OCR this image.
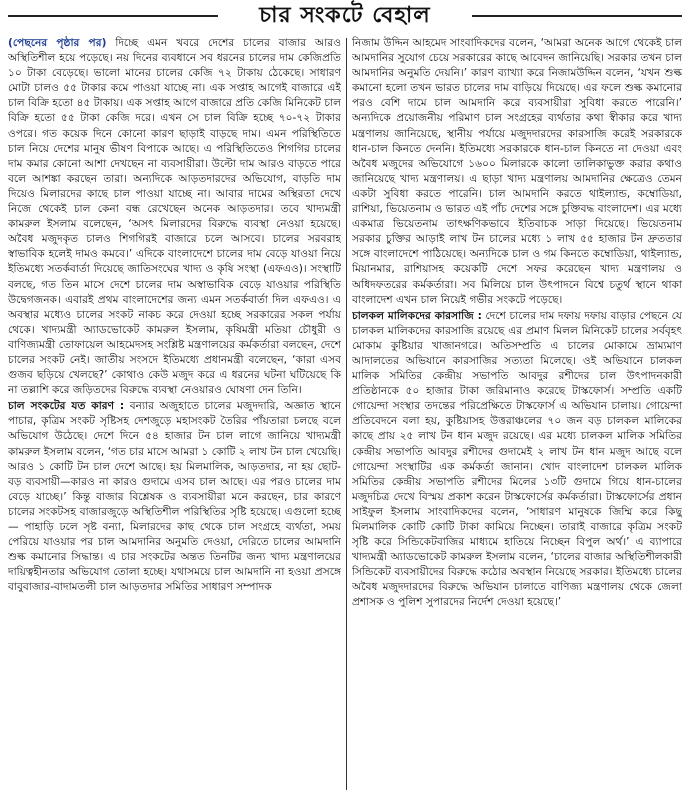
চার সংকটে বেহাল

(পেছনের পৃষ্ঠার পর) দিচ্ছে এমন খবরে দেশের চালের বাজার আরও অস্থিতিশীল হয়ে পড়েছে। নয় দিনের ব্যবধানে সব ধরনের চালের দাম কেজিপ্রতি ১০ টাকা বেড়েছে। ভালো মানের চালের কেজি ৭২ টাকায় ঠেকেছে। সাধারণ মোটা চালও ৫৫ টাকার কমে পাওয়া যাচ্ছে না। এক সপ্তাহ আগেই বাজারে এই চাল বিক্রি হতো ৪৫ টাকায়। এক সপ্তাহ আগে বাজারে প্রতি কেজি মিনিকেট চাল বিক্রি হতো ৫৫ টাকা কেজি দরে। এখন সে চাল বিক্রি হচ্ছে ৭০-৭২ টাকার ওপরে। গত কয়েক দিনে কোনো কারণ ছাড়াই বাড়ছে দাম। এমন পরিস্থিতিতে চাল নিয়ে দেশের মানুষ ভীষণ বিপাকে আছে। এ পরিস্থিতিতেও শিগগির চালের দাম কমার কোনো আশা দেখছেন না ব্যবসায়ীরা। উল্টো দাম আরও বাড়তে পারে বলে আশঙ্কা করছেন তারা। অন্যদিকে আড়তদারদের অভিযোগ, বাড়তি দাম দিয়েও মিলারদের কাছে চাল পাওয়া যাচ্ছে না। আবার দামের অস্থিরতা দেখে নিজে থেকেই চাল কেনা বন্ধ রেখেছেন অনেক আড়তদার। তবে খাদ্যমন্ত্রী কামরুল ইসলাম বলেছেন, ‘অসৎ মিলারদের বিরুদ্ধে ব্যবস্থা নেওয়া হয়েছে। অবৈধ মজুদকৃত চালও শিগগিরই বাজারে চলে আসবে। চালের সরবরাহ স্বাভাবিক হলেই দামও কমবে।’ এদিকে বাংলাদেশে চালের দাম বেড়ে যাওয়া নিয়ে ইতিমধ্যে সতর্কবার্তা দিয়েছে জাতিসংঘের খাদ্য ও কৃষি সংস্থা (এফএও)। সংস্থাটি বলছে, গত তিন মাসে দেশে চালের দাম অস্বাভাবিক বেড়ে যাওয়ার পরিস্থিতি উদ্বেগজনক। এবারই প্রথম বাংলাদেশের জন্য এমন সতর্কবার্তা দিল এফএও। এ অবস্থার মধ্যেও চালের সংকট নাকচ করে দেওয়া হচ্ছে সরকারের সকল পর্যায় থেকে। খাদ্যমন্ত্রী অ্যাডভোকেট কামরুল ইসলাম, কৃষিমন্ত্রী মতিয়া চৌধুরী ও বাণিজ্যমন্ত্রী তোফায়েল আহমেদসহ সংশ্লিষ্ট মন্ত্রণালয়ের কর্মকর্তারা বলছেন, দেশে চালের সংকট নেই। জাতীয় সংসদে ইতিমধ্যে প্রধানমন্ত্রী বলেছেন, ‘কারা এসব গুজব ছড়িয়ে খেলছে?’ কোথাও কেউ মজুদ করে এ ধরনের ঘটনা ঘটিয়েছে কি না তল্লাশি করে জড়িতদের বিরুদ্ধে ব্যবস্থা নেওয়ারও ঘোষণা দেন তিনি।

চাল সংকটের যত কারণ : বন্যার অজুহাতে চালের মজুদদারি, অজ্ঞাত স্থানে পাচার, কৃত্রিম সংকট সৃষ্টিসহ দেশজুড়ে মহাসংকট তৈরির পাঁয়তারা চলছে বলে অভিযোগ উঠেছে। দেশে দিনে ৫৪ হাজার টন চাল লাগে জানিয়ে খাদ্যমন্ত্রী কামরুল ইসলাম বলেন, ‘গত চার মাসে আমরা ১ কোটি ২ লাখ টন চাল খেয়েছি। আরও ১ কোটি টন চাল দেশে আছে। হয় মিলমালিক, আড়তদার, না হয় ছোট-বড় ব্যবসায়ী—কারও না কারও গুদামে এসব চাল আছে। এর পরও চালের দাম বেড়ে যাচ্ছে।’ কিন্তু বাজার বিশ্লেষক ও ব্যবসায়ীরা মনে করছেন, চার কারণে চালের সংকটসহ বাজারজুড়ে অস্থিতিশীল পরিস্থিতির সৃষ্টি হয়েছে। এগুলো হচ্ছে— পাহাড়ি ঢলে সৃষ্ট বন্যা, মিলারদের কাছ থেকে চাল সংগ্রহে ব্যর্থতা, সময় পেরিয়ে যাওয়ার পর চাল আমদানির অনুমতি দেওয়া, দেরিতে চালের আমদানি শুল্ক কমানোর সিদ্ধান্ত। এ চার সংকটের অন্তত তিনটির জন্য খাদ্য মন্ত্রণালয়ের দায়িত্বহীনতার অভিযোগ তোলা হচ্ছে। যথাসময়ে চাল আমদানি না হওয়া প্রসঙ্গে বাবুবাজার-বাদামতলী চাল আড়তদার সমিতির সাধারণ সম্পাদক

নিজাম উদ্দিন আহমেদ সাংবাদিকদের বলেন, ‘আমরা অনেক আগে থেকেই চাল আমদানির সুযোগ চেয়ে সরকারের কাছে আবেদন জানিয়েছি। সরকার তখন চাল আমদানির অনুমতি দেয়নি।’ কারণ ব্যাখ্যা করে নিজামউদ্দিন বলেন, ‘যখন শুল্ক কমানো হলো তখন ভারত চালের দাম বাড়িয়ে দিয়েছে। এর ফলে শুল্ক কমানোর পরও বেশি দামে চাল আমদানি করে ব্যবসায়ীরা সুবিধা করতে পারেনি।’ অন্যদিকে প্রয়োজনীয় পরিমাণ চাল সংগ্রহের ব্যর্থতার কথা স্বীকার করে খাদ্য মন্ত্রণালয় জানিয়েছে, স্থানীয় পর্যায়ে মজুদদারদের কারসাজি করেই সরকারকে ধান-চাল কিনতে দেননি। ইতিমধ্যে সরকারকে ধান-চাল কিনতে না দেওয়া এবং অবৈধ মজুদের অভিযোগে ১৬০০ মিলারকে কালো তালিকাভুক্ত করার কথাও জানিয়েছে খাদ্য মন্ত্রণালয়। এ ছাড়া খাদ্য মন্ত্রণালয় আমদানির ক্ষেত্রেও তেমন একটা সুবিধা করতে পারেনি। চাল আমদানি করতে থাইল্যান্ড, কম্বোডিয়া, রাশিয়া, ভিয়েতনাম ও ভারত এই পাঁচ দেশের সঙ্গে চুক্তিবদ্ধ বাংলাদেশ। এর মধ্যে একমাত্র ভিয়েতনাম তাৎক্ষণিকভাবে ইতিবাচক সাড়া দিয়েছে। ভিয়েতনাম সরকার চুক্তির আড়াই লাখ টন চালের মধ্যে ১ লাখ ৫৫ হাজার টন দ্রুততার সঙ্গে বাংলাদেশে পাঠিয়েছে। অন্যদিকে চাল ও গম কিনতে কম্বোডিয়া, থাইল্যান্ড, মিয়ানমার, রাশিয়াসহ কয়েকটি দেশে সফর করেছেন খাদ্য মন্ত্রণালয় ও অধিদফতরের কর্মকর্তারা। সব মিলিয়ে চাল উৎপাদনে বিশ্বে চতুর্থ স্থানে থাকা বাংলাদেশ এখন চাল নিয়েই গভীর সংকটে পড়েছে।

চালকল মালিকদের কারসাজি : দেশে চালের দাম দফায় দফায় বাড়ার পেছনে যে চালকল মালিকদের কারসাজি রয়েছে এর প্রমাণ মিলল মিনিকেট চালের সর্ববৃহৎ মোকাম কুষ্টিয়ার খাজানগরে। অতিসম্প্রতি এ চালের মোকামে ভ্রাম্যমাণ আদালতের অভিযানে কারসাজির সত্যতা মিলেছে। ওই অভিযানে চালকল মালিক সমিতির কেন্দ্রীয় সভাপতি আবদুর রশীদের চাল উৎপাদনকারী প্রতিষ্ঠানকে ৫০ হাজার টাকা জরিমানাও করেছে টাস্কফোর্স। সম্প্রতি একটি গোয়েন্দা সংস্থার তদন্তের পরিপ্রেক্ষিতে টাস্কফোর্স এ অভিযান চালায়। গোয়েন্দা প্রতিবেদনে বলা হয়, কুষ্টিয়াসহ উত্তরাঞ্চলের ৭০ জন বড় চালকল মালিকের কাছে প্রায় ২৫ লাখ টন ধান মজুদ রয়েছে। এর মধ্যে চালকল মালিক সমিতির কেন্দ্রীয় সভাপতি আবদুর রশীদের গুদামেই ২ লাখ টন ধান মজুদ আছে বলে গোয়েন্দা সংস্থাটির এক কর্মকর্তা জানান। খোদ বাংলাদেশ চালকল মালিক সমিতির কেন্দ্রীয় সভাপতি রশীদের মিলের ১৩টি গুদামে গিয়ে ধান-চালের মজুদচিত্র দেখে বিস্ময় প্রকাশ করেন টাস্কফোর্সের কর্মকর্তারা। টাস্কফোর্সের প্রধান সাইফুল ইসলাম সাংবাদিকদের বলেন, ‘সাধারণ মানুষকে জিম্মি করে কিছু মিলমালিক কোটি কোটি টাকা কামিয়ে নিচ্ছেন। তারাই বাজারে কৃত্রিম সংকট সৃষ্টি করে সিন্ডিকেটবাজির মাধ্যমে হাতিয়ে নিচ্ছেন বিপুল অর্থ।’ এ ব্যাপারে খাদ্যমন্ত্রী অ্যাডভোকেট কামরুল ইসলাম বলেন, ‘চালের বাজার অস্থিতিশীলকারী সিন্ডিকেট ব্যবসায়ীদের বিরুদ্ধে কঠোর অবস্থান নিয়েছে সরকার। ইতিমধ্যে চালের অবৈধ মজুদদারদের বিরুদ্ধে অভিযান চালাতে বাণিজ্য মন্ত্রণালয় থেকে জেলা প্রশাসক ও পুলিশ সুপারদের নির্দেশ দেওয়া হয়েছে।’
